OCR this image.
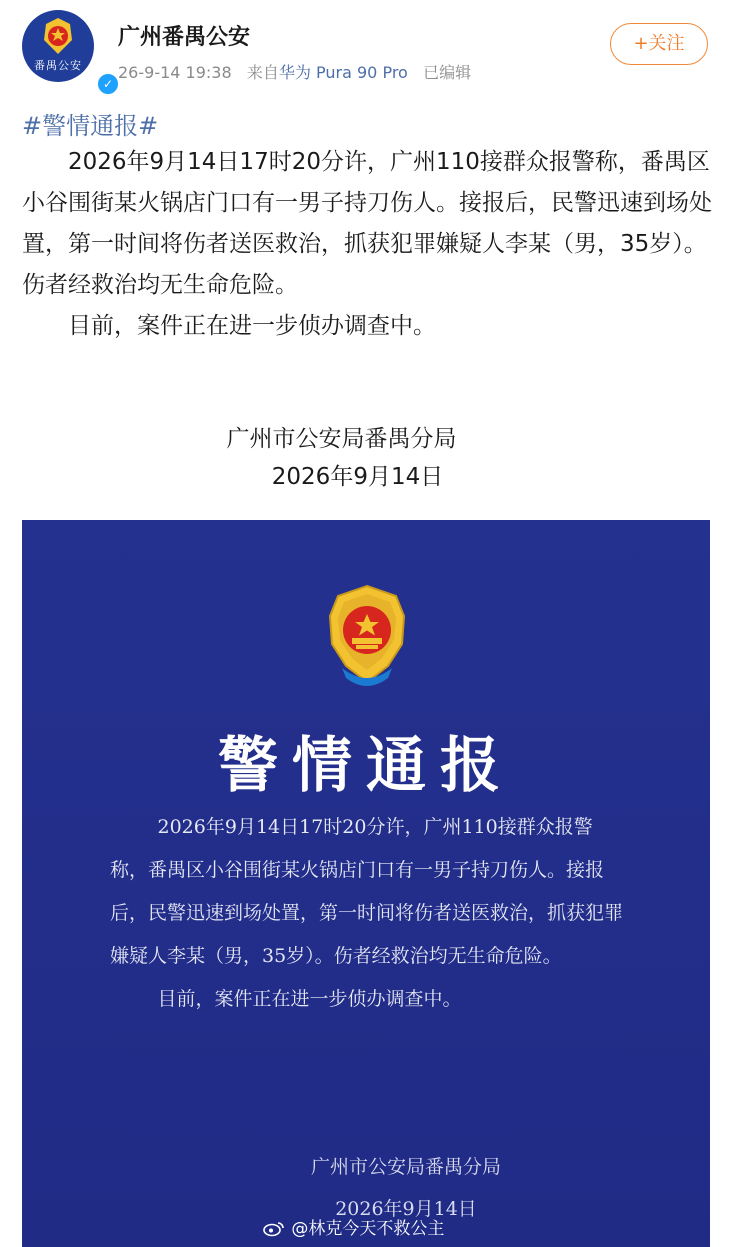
番禺公安
✓
广州番禺公安
26-9-14 19:38 来自华为 Pura 90 Pro 已编辑
+关注
#警情通报#

2026年9月14日17时20分许，广州110接群众报警称，番禺区小谷围街某火锅店门口有一男子持刀伤人。接报后，民警迅速到场处置，第一时间将伤者送医救治，抓获犯罪嫌疑人李某（男，35岁）。伤者经救治均无生命危险。

目前，案件正在进一步侦办调查中。

广州市公安局番禺分局
2026年9月14日
警情通报

2026年9月14日17时20分许，广州110接群众报警称，番禺区小谷围街某火锅店门口有一男子持刀伤人。接报后，民警迅速到场处置，第一时间将伤者送医救治，抓获犯罪嫌疑人李某（男，35岁）。伤者经救治均无生命危险。

目前，案件正在进一步侦办调查中。

广州市公安局番禺分局
2026年9月14日
@林克今天不救公主
